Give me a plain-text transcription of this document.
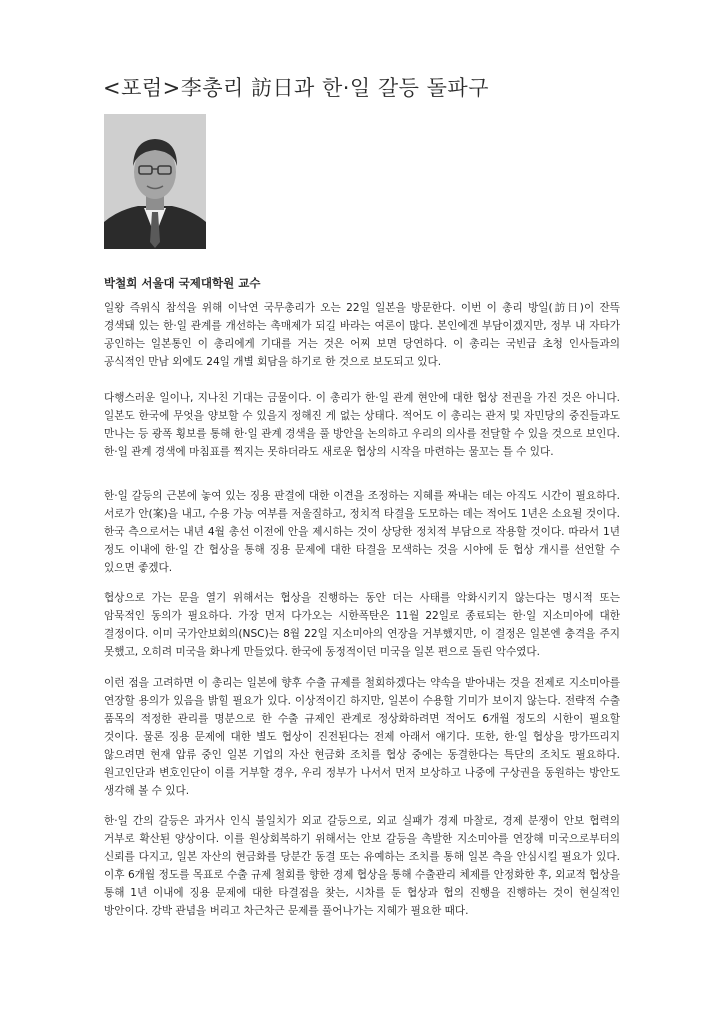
<포럼>李총리 訪日과 한·일 갈등 돌파구
박철희 서울대 국제대학원 교수

일왕 즉위식 참석을 위해 이낙연 국무총리가 오는 22일 일본을 방문한다. 이번 이 총리 방일(訪日)이 잔뜩 경색돼 있는 한·일 관계를 개선하는 촉매제가 되길 바라는 여론이 많다. 본인에겐 부담이겠지만, 정부 내 자타가 공인하는 일본통인 이 총리에게 기대를 거는 것은 어찌 보면 당연하다. 이 총리는 국빈급 초청 인사들과의 공식적인 만남 외에도 24일 개별 회담을 하기로 한 것으로 보도되고 있다.

다행스러운 일이나, 지나친 기대는 금물이다. 이 총리가 한·일 관계 현안에 대한 협상 전권을 가진 것은 아니다. 일본도 한국에 무엇을 양보할 수 있을지 정해진 게 없는 상태다. 적어도 이 총리는 관저 및 자민당의 중진들과도 만나는 등 광폭 횡보를 통해 한·일 관계 경색을 풀 방안을 논의하고 우리의 의사를 전달할 수 있을 것으로 보인다. 한·일 관계 경색에 마침표를 찍지는 못하더라도 새로운 협상의 시작을 마련하는 물꼬는 틀 수 있다.

한·일 갈등의 근본에 놓여 있는 징용 판결에 대한 이견을 조정하는 지혜를 짜내는 데는 아직도 시간이 필요하다. 서로가 안(案)을 내고, 수용 가능 여부를 저울질하고, 정치적 타결을 도모하는 데는 적어도 1년은 소요될 것이다. 한국 측으로서는 내년 4월 총선 이전에 안을 제시하는 것이 상당한 정치적 부담으로 작용할 것이다. 따라서 1년 정도 이내에 한·일 간 협상을 통해 징용 문제에 대한 타결을 모색하는 것을 시야에 둔 협상 개시를 선언할 수 있으면 좋겠다.

협상으로 가는 문을 열기 위해서는 협상을 진행하는 동안 더는 사태를 악화시키지 않는다는 명시적 또는 암묵적인 동의가 필요하다. 가장 먼저 다가오는 시한폭탄은 11월 22일로 종료되는 한·일 지소미아에 대한 결정이다. 이미 국가안보회의(NSC)는 8월 22일 지소미아의 연장을 거부했지만, 이 결정은 일본엔 충격을 주지 못했고, 오히려 미국을 화나게 만들었다. 한국에 동정적이던 미국을 일본 편으로 돌린 악수였다.

이런 점을 고려하면 이 총리는 일본에 향후 수출 규제를 철회하겠다는 약속을 받아내는 것을 전제로 지소미아를 연장할 용의가 있음을 밝힐 필요가 있다. 이상적이긴 하지만, 일본이 수용할 기미가 보이지 않는다. 전략적 수출 품목의 적정한 관리를 명분으로 한 수출 규제인 관계로 정상화하려면 적어도 6개월 정도의 시한이 필요할 것이다. 물론 징용 문제에 대한 별도 협상이 진전된다는 전제 아래서 얘기다. 또한, 한·일 협상을 망가뜨리지 않으려면 현재 압류 중인 일본 기업의 자산 현금화 조치를 협상 중에는 동결한다는 특단의 조치도 필요하다. 원고인단과 변호인단이 이를 거부할 경우, 우리 정부가 나서서 먼저 보상하고 나중에 구상권을 동원하는 방안도 생각해 볼 수 있다.

한·일 간의 갈등은 과거사 인식 불일치가 외교 갈등으로, 외교 실패가 경제 마찰로, 경제 분쟁이 안보 협력의 거부로 확산된 양상이다. 이를 원상회복하기 위해서는 안보 갈등을 촉발한 지소미아를 연장해 미국으로부터의 신뢰를 다지고, 일본 자산의 현금화를 당분간 동결 또는 유예하는 조치를 통해 일본 측을 안심시킬 필요가 있다. 이후 6개월 정도를 목표로 수출 규제 철회를 향한 경제 협상을 통해 수출관리 체제를 안정화한 후, 외교적 협상을 통해 1년 이내에 징용 문제에 대한 타결점을 찾는, 시차를 둔 협상과 협의 진행을 진행하는 것이 현실적인 방안이다. 강박 관념을 버리고 차근차근 문제를 풀어나가는 지혜가 필요한 때다.
